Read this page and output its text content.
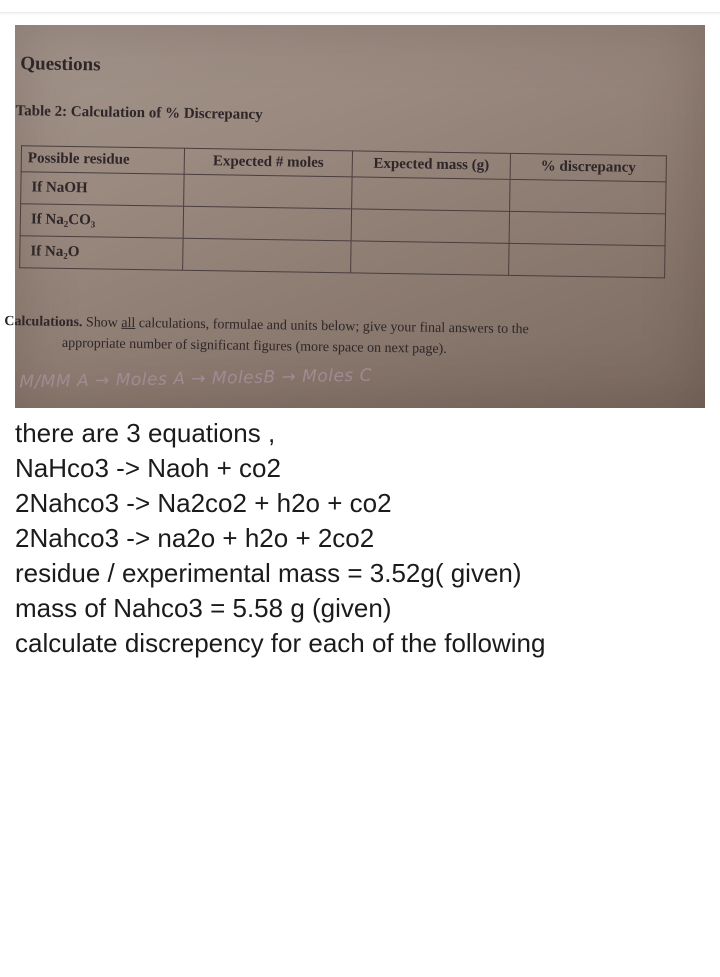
Questions
Table 2: Calculation of % Discrepancy
Possible residue	Expected # moles	Expected mass (g)	% discrepancy
If NaOH			
If Na₂CO₃			
If Na₂O			
Calculations. Show all calculations, formulae and units below; give your final answers to the
appropriate number of significant figures (more space on next page).
M/MM A → Moles A → MolesB → Moles C
there are 3 equations ,
NaHco3 -> Naoh + co2
2Nahco3 -> Na2co2 + h2o + co2
2Nahco3 -> na2o + h2o + 2co2
residue / experimental mass = 3.52g( given)
mass of Nahco3 = 5.58 g (given)
calculate discrepency for each of the following
